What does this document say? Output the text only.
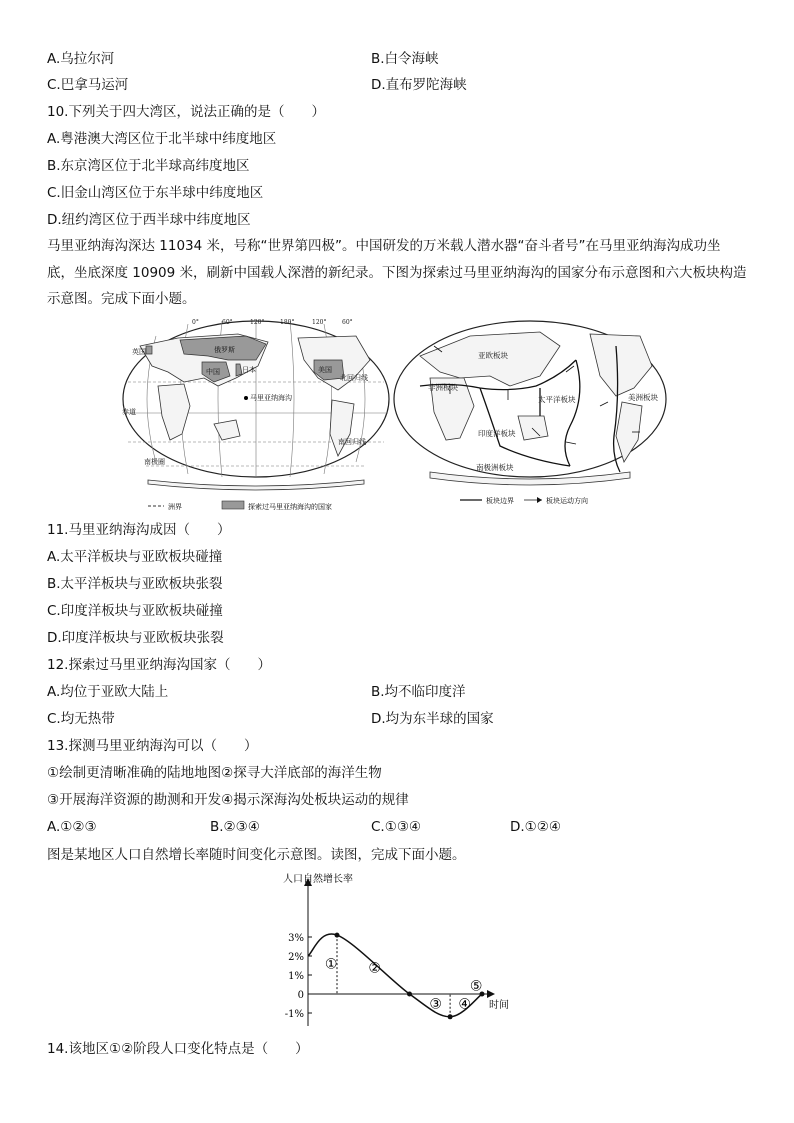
A.乌拉尔河	B.白令海峡
C.巴拿马运河	D.直布罗陀海峡
10.下列关于四大湾区，说法正确的是（　　）
A.粤港澳大湾区位于北半球中纬度地区
B.东京湾区位于北半球高纬度地区
C.旧金山湾区位于东半球中纬度地区
D.纽约湾区位于西半球中纬度地区
马里亚纳海沟深达 11034 米，号称“世界第四极”。中国研发的万米载人潜水器“奋斗者号”在马里亚纳海沟成功坐底，坐底深度 10909 米，刷新中国载人深潜的新纪录。下图为探索过马里亚纳海沟的国家分布示意图和六大板块构造示意图。完成下面小题。
0°	60°	120°	180°	120°	60°
俄罗斯
英国
中国	日本	美国
马里亚纳海沟
北回归线
赤道
南回归线
南极圈
洲界	探索过马里亚纳海沟的国家
亚欧板块
非洲板块
太平洋板块
印度洋板块
南极洲板块
美洲板块
板块边界	板块运动方向
11.马里亚纳海沟成因（　　）
A.太平洋板块与亚欧板块碰撞
B.太平洋板块与亚欧板块张裂
C.印度洋板块与亚欧板块碰撞
D.印度洋板块与亚欧板块张裂
12.探索过马里亚纳海沟国家（　　）
A.均位于亚欧大陆上	B.均不临印度洋
C.均无热带	D.均为东半球的国家
13.探测马里亚纳海沟可以（　　）
①绘制更清晰准确的陆地地图②探寻大洋底部的海洋生物
③开展海洋资源的勘测和开发④揭示深海沟处板块运动的规律
A.①②③	B.②③④	C.①③④	D.①②④
图是某地区人口自然增长率随时间变化示意图。读图，完成下面小题。
人口自然增长率
时间
3%
2%
1%
0
-1%
① ②
③ ④
⑤
14.该地区①②阶段人口变化特点是（　　）
